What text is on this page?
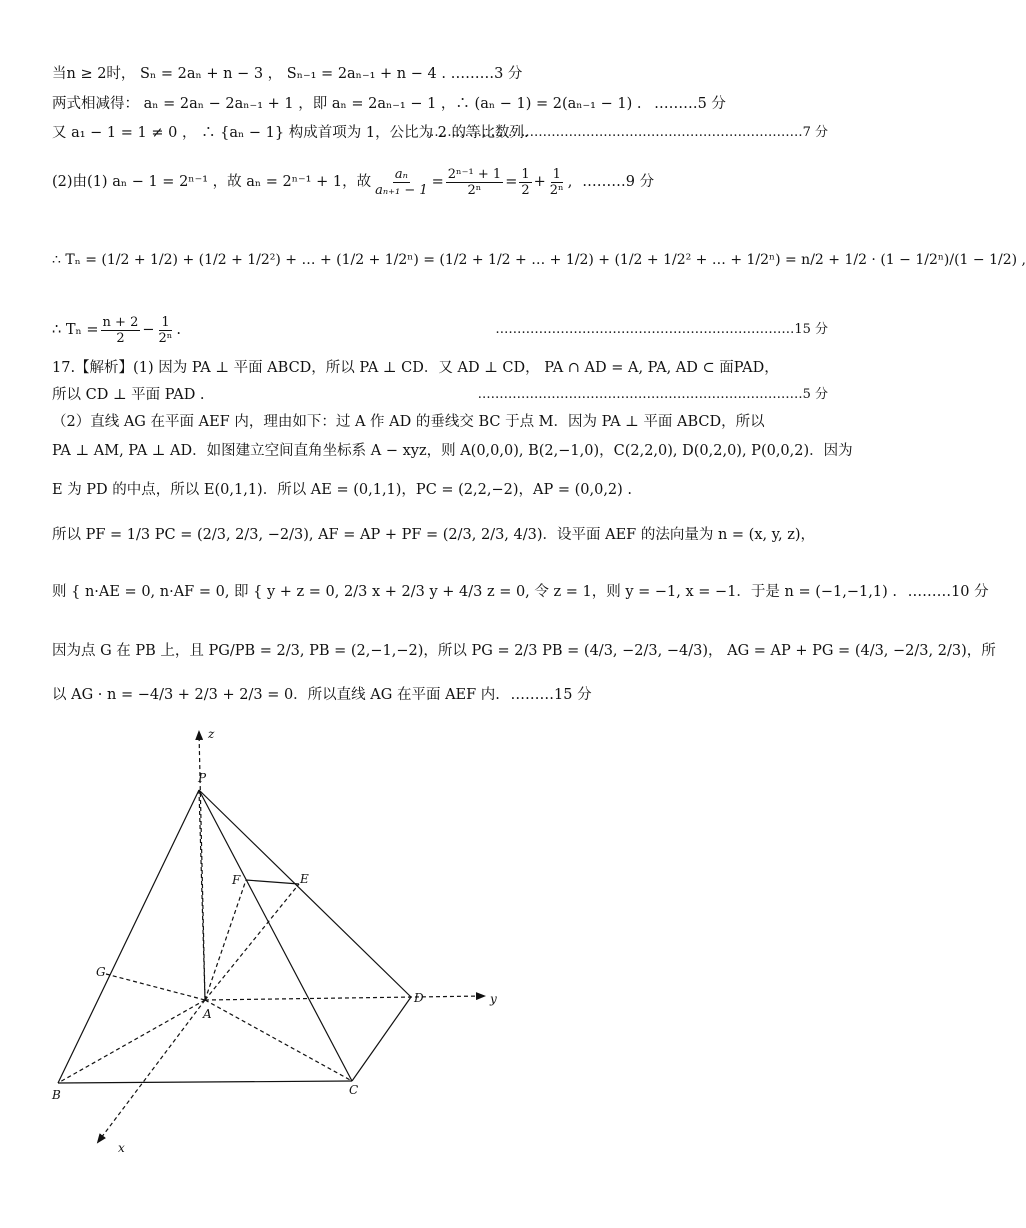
当n ≥ 2时， Sₙ = 2aₙ + n − 3 ， Sₙ₋₁ = 2aₙ₋₁ + n − 4 . ………3 分
两式相减得： aₙ = 2aₙ − 2aₙ₋₁ + 1 ，即 aₙ = 2aₙ₋₁ − 1 ，∴ (aₙ − 1) = 2(aₙ₋₁ − 1) . ………5 分
又 a₁ − 1 = 1 ≠ 0 ， ∴ {aₙ − 1} 构成首项为 1，公比为 2 的等比数列.
……………………………………………………………………………7 分
(2)由(1) aₙ − 1 = 2ⁿ⁻¹ ，故 aₙ = 2ⁿ⁻¹ + 1，故 $\frac{\text{aₙ}}{\text{aₙ₊₁ − 1}} = \frac{\text{2ⁿ⁻¹ + 1}}{\text{2ⁿ}} = \frac{1}{2} + \frac{1}{\text{2ⁿ}}$ , ………9 分
∴ Tₙ = (1/2 + 1/2) + (1/2 + 1/2²) + … + (1/2 + 1/2ⁿ) = (1/2 + 1/2 + … + 1/2) + (1/2 + 1/2² + … + 1/2ⁿ) = n/2 + 1/2 · (1 − 1/2ⁿ)/(1 − 1/2) ,
∴ $T_n = \frac{n + 2}{2} - \frac{1}{\text{2ⁿ}}$ .	……………………………………………………………15 分
17.【解析】(1) 因为 PA ⊥ 平面 ABCD，所以 PA ⊥ CD．又 AD ⊥ CD， PA ∩ AD = A, PA, AD ⊂ 面PAD，
所以 CD ⊥ 平面 PAD .	…………………………………………………………………5 分
（2）直线 AG 在平面 AEF 内，理由如下：过 A 作 AD 的垂线交 BC 于点 M．因为 PA ⊥ 平面 ABCD，所以
PA ⊥ AM, PA ⊥ AD．如图建立空间直角坐标系 A − xyz，则 A(0,0,0), B(2,−1,0)，C(2,2,0), D(0,2,0), P(0,0,2)．因为
E 为 PD 的中点，所以 E(0,1,1)．所以 AE = (0,1,1)，PC = (2,2,−2)，AP = (0,0,2) .
所以 PF = 1/3 PC = (2/3, 2/3, −2/3), AF = AP + PF = (2/3, 2/3, 4/3)．设平面 AEF 的法向量为 n = (x, y, z)，
则 { n·AE = 0, n·AF = 0, 即 { y + z = 0, 2/3 x + 2/3 y + 4/3 z = 0, 令 z = 1，则 y = −1, x = −1．于是 n = (−1,−1,1) . ………10 分
因为点 G 在 PB 上，且 PG/PB = 2/3, PB = (2,−1,−2)，所以 PG = 2/3 PB = (4/3, −2/3, −4/3)， AG = AP + PG = (4/3, −2/3, 2/3)，所
以 AG · n = −4/3 + 2/3 + 2/3 = 0．所以直线 AG 在平面 AEF 内. ………15 分
z
P
F	E
G
A
D	y
B	C
x
